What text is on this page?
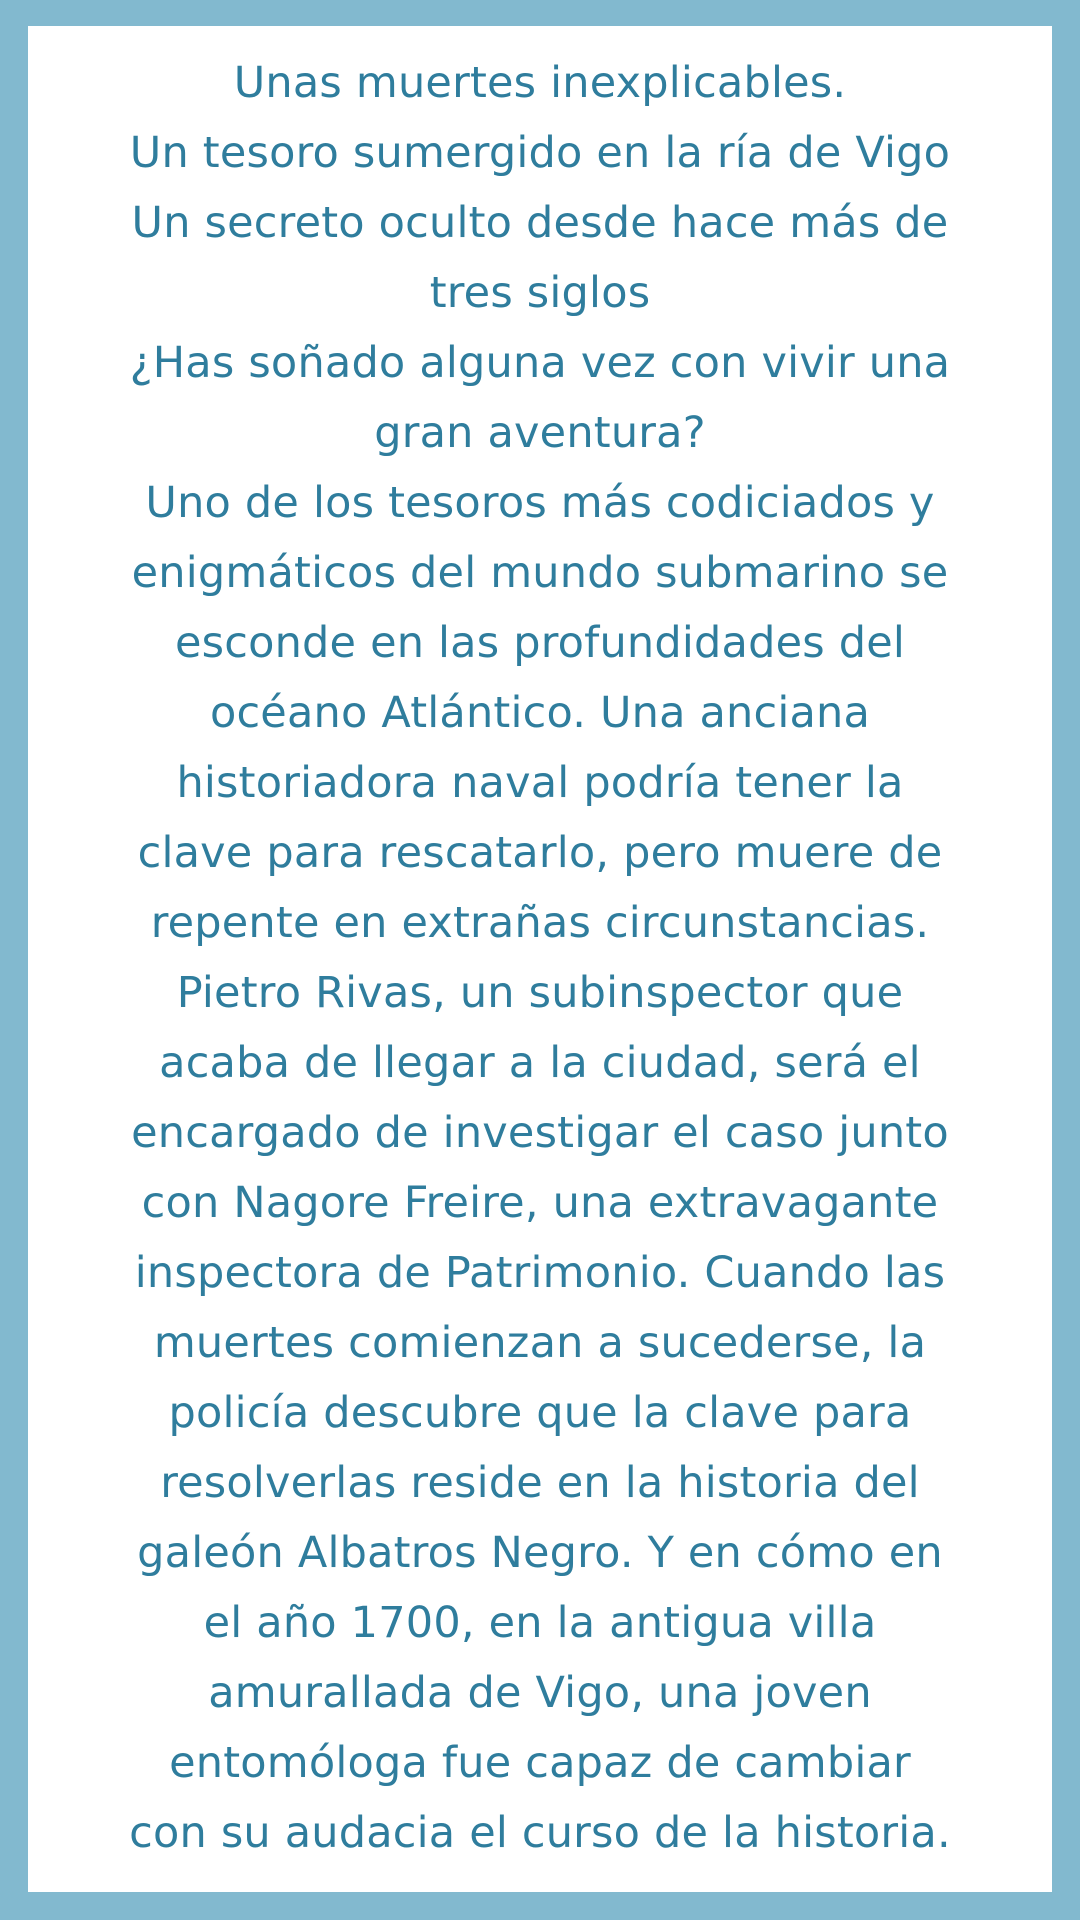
Unas muertes inexplicables.
Un tesoro sumergido en la ría de Vigo
Un secreto oculto desde hace más de
tres siglos
¿Has soñado alguna vez con vivir una
gran aventura?
Uno de los tesoros más codiciados y
enigmáticos del mundo submarino se
esconde en las profundidades del
océano Atlántico. Una anciana
historiadora naval podría tener la
clave para rescatarlo, pero muere de
repente en extrañas circunstancias.
Pietro Rivas, un subinspector que
acaba de llegar a la ciudad, será el
encargado de investigar el caso junto
con Nagore Freire, una extravagante
inspectora de Patrimonio. Cuando las
muertes comienzan a sucederse, la
policía descubre que la clave para
resolverlas reside en la historia del
galeón Albatros Negro. Y en cómo en
el año 1700, en la antigua villa
amurallada de Vigo, una joven
entomóloga fue capaz de cambiar
con su audacia el curso de la historia.
